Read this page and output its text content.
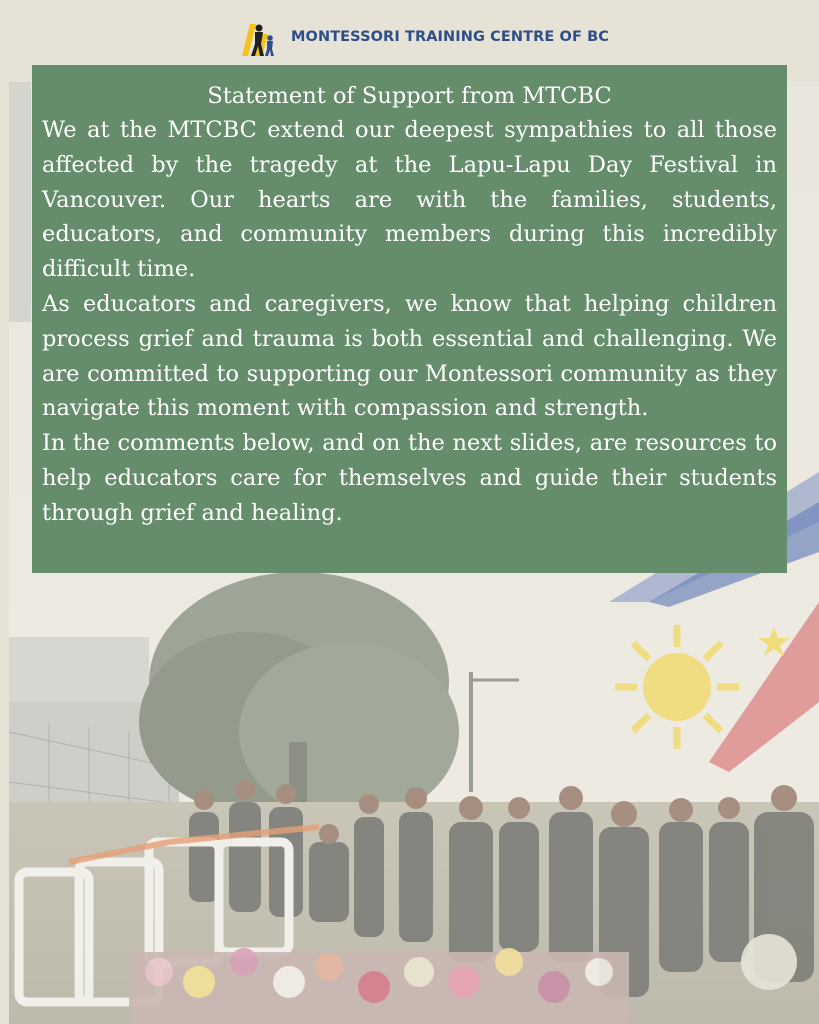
MONTESSORI TRAINING CENTRE OF BC
Statement of Support from MTCBC

We at the MTCBC extend our deepest sympathies to all those affected by the tragedy at the Lapu-Lapu Day Festival in Vancouver. Our hearts are with the families, students, educators, and community members during this incredibly difficult time.

As educators and caregivers, we know that helping children process grief and trauma is both essential and challenging. We are committed to supporting our Montessori community as they navigate this moment with compassion and strength.

In the comments below, and on the next slides, are resources to help educators care for themselves and guide their students through grief and healing.
